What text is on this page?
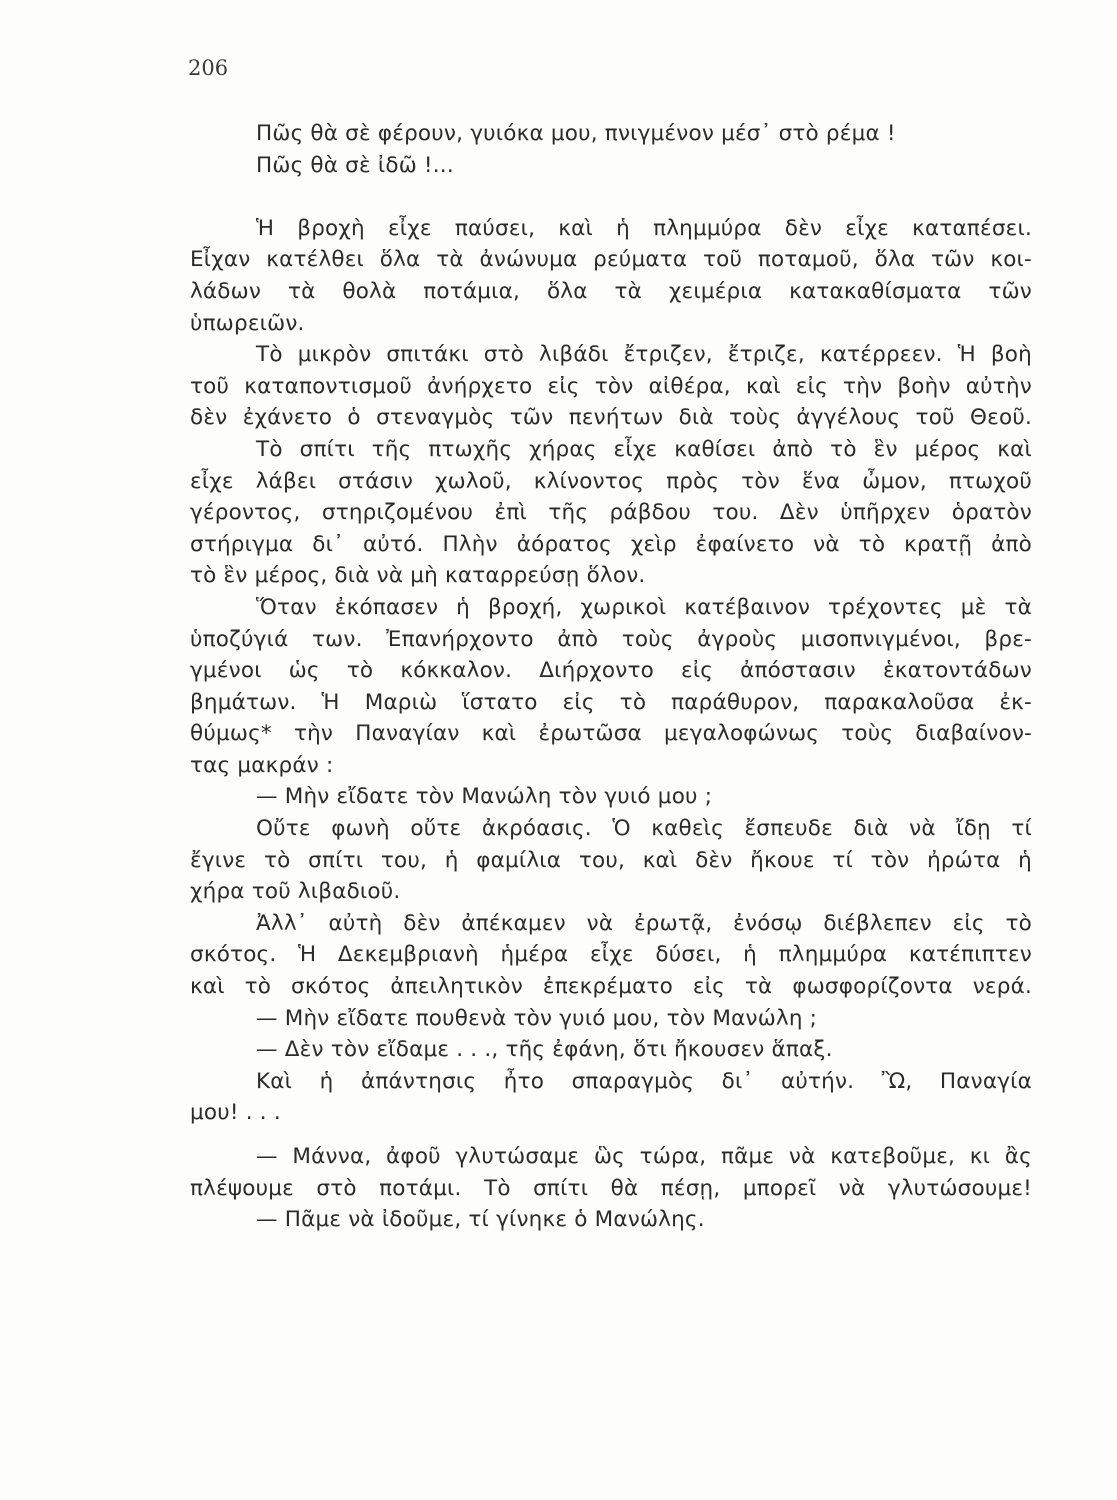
206
Πῶς θὰ σὲ φέρουν, γυιόκα μου, πνιγμένον μέσ᾽ στὸ ρέμα !
Πῶς θὰ σὲ ἰδῶ !...
Ἡ βροχὴ εἶχε παύσει, καὶ ἡ πλημμύρα δὲν εἶχε καταπέσει.
Εἶχαν κατέλθει ὅλα τὰ ἀνώνυμα ρεύματα τοῦ ποταμοῦ, ὅλα τῶν κοι-
λάδων τὰ θολὰ ποτάμια, ὅλα τὰ χειμέρια κατακαθίσματα τῶν
ὑπωρειῶν.
Τὸ μικρὸν σπιτάκι στὸ λιβάδι ἔτριζεν, ἔτριζε, κατέρρεεν. Ἡ βοὴ
τοῦ καταποντισμοῦ ἀνήρχετο εἰς τὸν αἰθέρα, καὶ εἰς τὴν βοὴν αὐτὴν
δὲν ἐχάνετο ὁ στεναγμὸς τῶν πενήτων διὰ τοὺς ἀγγέλους τοῦ Θεοῦ.
Τὸ σπίτι τῆς πτωχῆς χήρας εἶχε καθίσει ἀπὸ τὸ ἓν μέρος καὶ
εἶχε λάβει στάσιν χωλοῦ, κλίνοντος πρὸς τὸν ἕνα ὦμον, πτωχοῦ
γέροντος, στηριζομένου ἐπὶ τῆς ράβδου του. Δὲν ὑπῆρχεν ὁρατὸν
στήριγμα δι᾽ αὐτό. Πλὴν ἀόρατος χεὶρ ἐφαίνετο νὰ τὸ κρατῇ ἀπὸ
τὸ ἓν μέρος, διὰ νὰ μὴ καταρρεύσῃ ὅλον.
Ὅταν ἐκόπασεν ἡ βροχή, χωρικοὶ κατέβαινον τρέχοντες μὲ τὰ
ὑποζύγιά των. Ἐπανήρχοντο ἀπὸ τοὺς ἀγροὺς μισοπνιγμένοι, βρε-
γμένοι ὡς τὸ κόκκαλον. Διήρχοντο εἰς ἀπόστασιν ἑκατοντάδων
βημάτων. Ἡ Μαριὼ ἵστατο εἰς τὸ παράθυρον, παρακαλοῦσα ἐκ-
θύμως* τὴν Παναγίαν καὶ ἐρωτῶσα μεγαλοφώνως τοὺς διαβαίνον-
τας μακράν :
— Μὴν εἴδατε τὸν Μανώλη τὸν γυιό μου ;
Οὔτε φωνὴ οὔτε ἀκρόασις. Ὁ καθεὶς ἔσπευδε διὰ νὰ ἴδῃ τί
ἔγινε τὸ σπίτι του, ἡ φαμίλια του, καὶ δὲν ἤκουε τί τὸν ἠρώτα ἡ
χήρα τοῦ λιβαδιοῦ.
Ἀλλ᾽ αὐτὴ δὲν ἀπέκαμεν νὰ ἐρωτᾷ, ἐνόσῳ διέβλεπεν εἰς τὸ
σκότος. Ἡ Δεκεμβριανὴ ἡμέρα εἶχε δύσει, ἡ πλημμύρα κατέπιπτεν
καὶ τὸ σκότος ἀπειλητικὸν ἐπεκρέματο εἰς τὰ φωσφορίζοντα νερά.
— Μὴν εἴδατε πουθενὰ τὸν γυιό μου, τὸν Μανώλη ;
— Δὲν τὸν εἴδαμε . . ., τῆς ἐφάνη, ὅτι ἤκουσεν ἅπαξ.
Καὶ ἡ ἀπάντησις ἦτο σπαραγμὸς δι᾽ αὐτήν. Ὢ, Παναγία
μου! . . .
— Μάννα, ἀφοῦ γλυτώσαμε ὣς τώρα, πᾶμε νὰ κατεβοῦμε, κι ἂς
πλέψουμε στὸ ποτάμι. Τὸ σπίτι θὰ πέσῃ, μπορεῖ νὰ γλυτώσουμε!
— Πᾶμε νὰ ἰδοῦμε, τί γίνηκε ὁ Μανώλης.
